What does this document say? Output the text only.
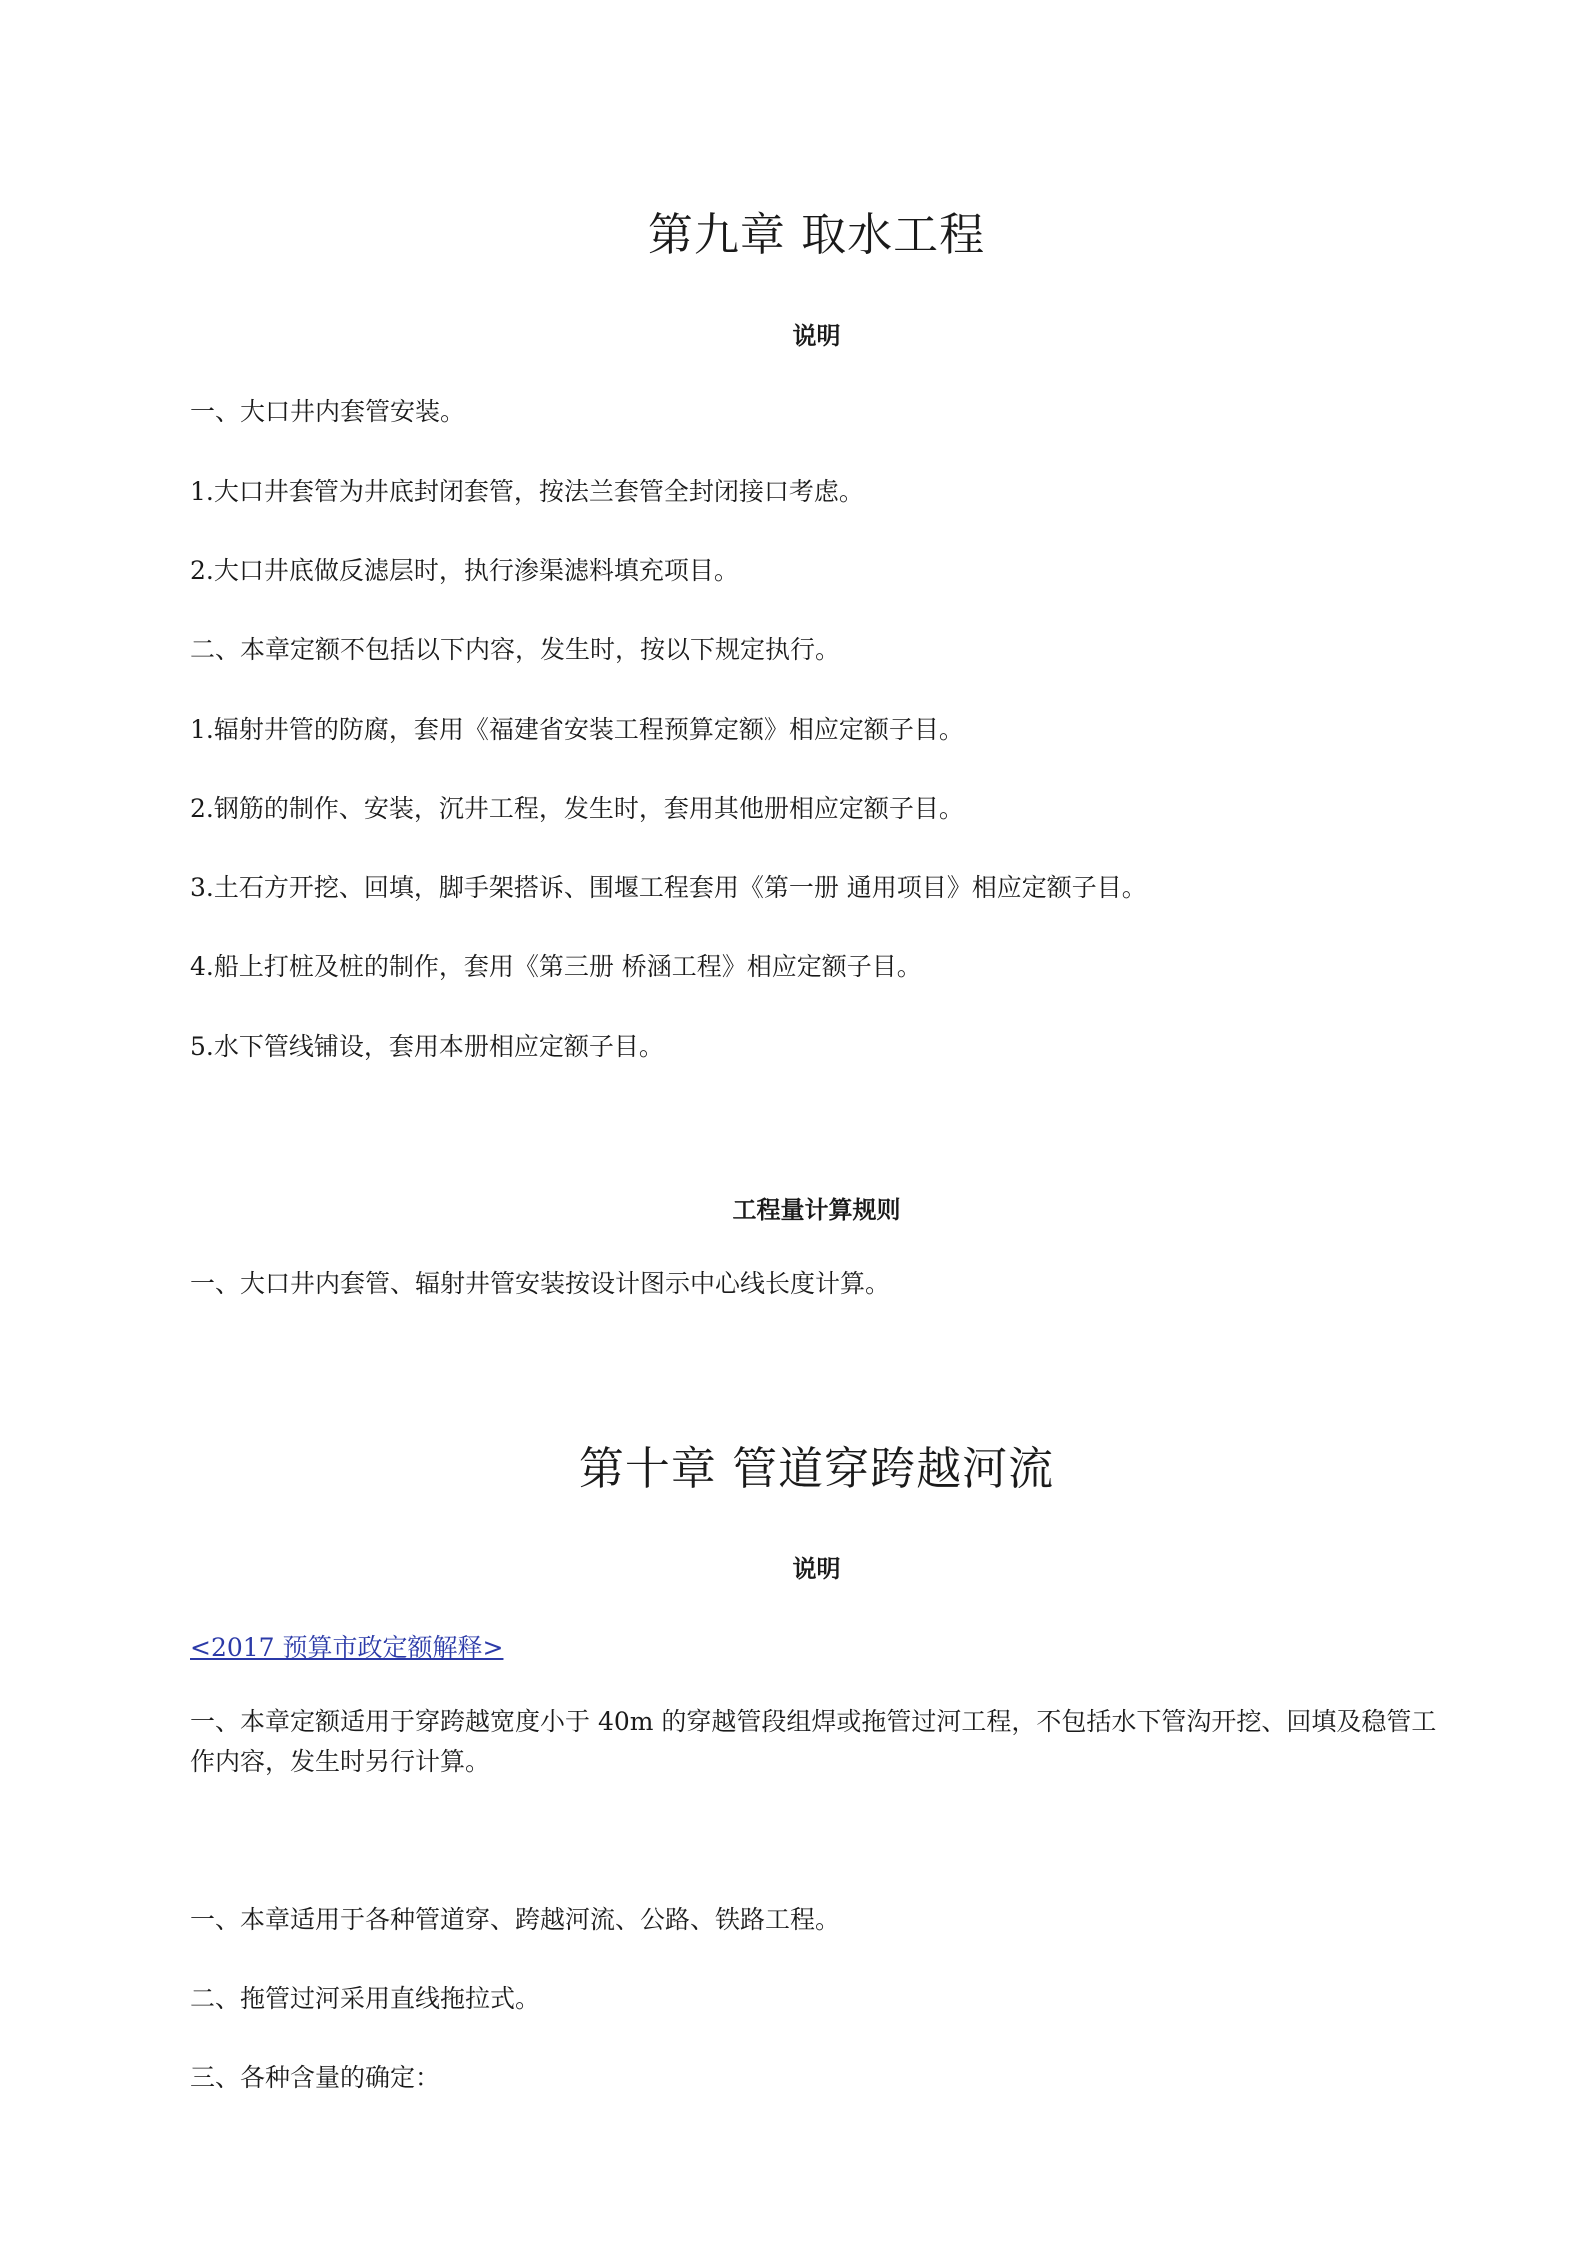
第九章 取水工程
说明
一、大口井内套管安装。
1.大口井套管为井底封闭套管，按法兰套管全封闭接口考虑。
2.大口井底做反滤层时，执行渗渠滤料填充项目。
二、本章定额不包括以下内容，发生时，按以下规定执行。
1.辐射井管的防腐，套用《福建省安装工程预算定额》相应定额子目。
2.钢筋的制作、安装，沉井工程，发生时，套用其他册相应定额子目。
3.土石方开挖、回填，脚手架搭诉、围堰工程套用《第一册 通用项目》相应定额子目。
4.船上打桩及桩的制作，套用《第三册 桥涵工程》相应定额子目。
5.水下管线铺设，套用本册相应定额子目。
工程量计算规则
一、大口井内套管、辐射井管安装按设计图示中心线长度计算。
第十章 管道穿跨越河流
说明
<2017 预算市政定额解释>
一、本章定额适用于穿跨越宽度小于 40m 的穿越管段组焊或拖管过河工程，不包括水下管沟开挖、回填及稳管工作内容，发生时另行计算。
一、本章适用于各种管道穿、跨越河流、公路、铁路工程。
二、拖管过河采用直线拖拉式。
三、各种含量的确定：
